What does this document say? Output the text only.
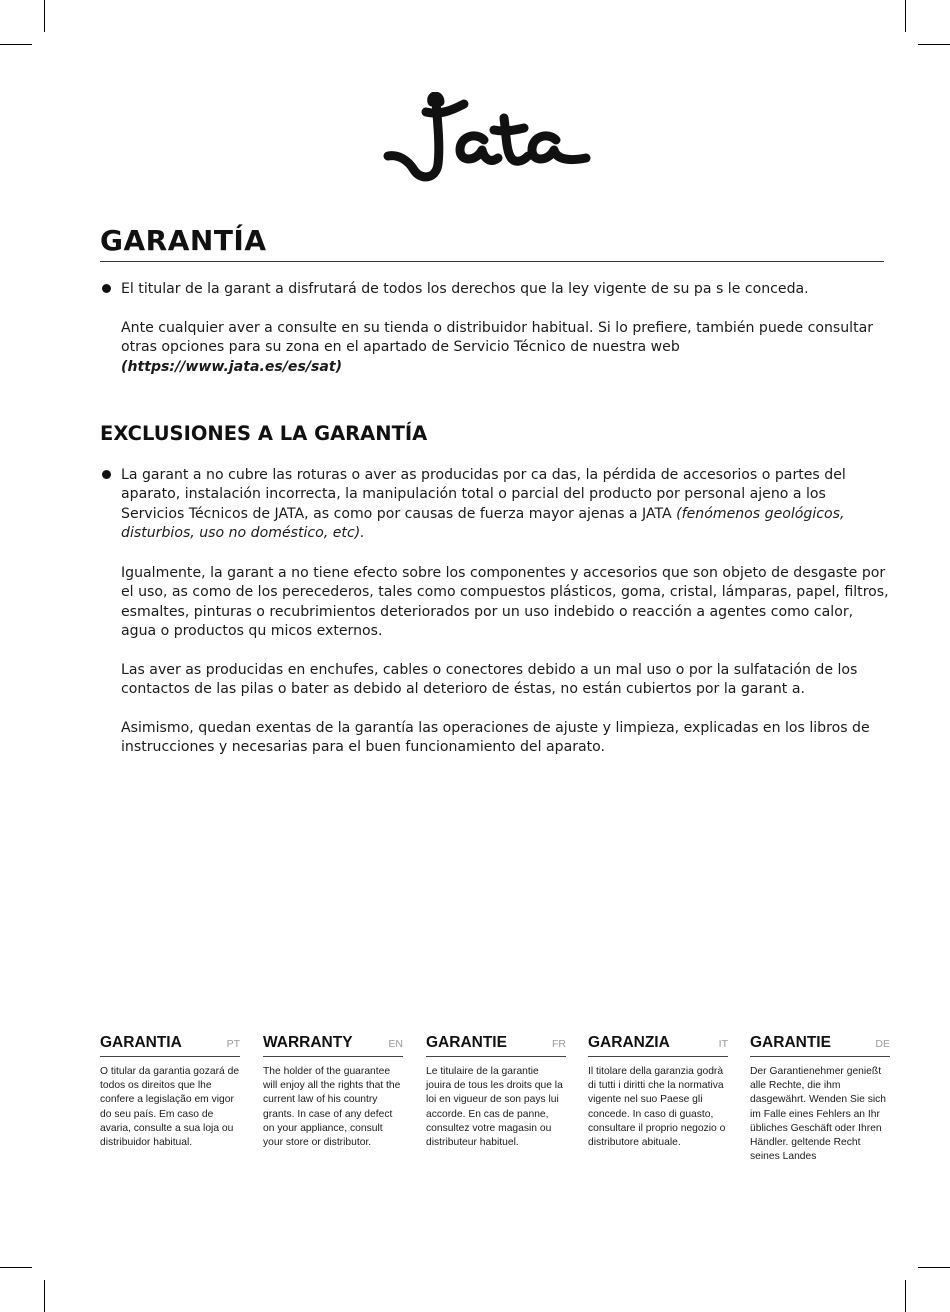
GARANTÍA

El titular de la garant a disfrutará de todos los derechos que la ley vigente de su pa s le conceda.

Ante cualquier aver a consulte en su tienda o distribuidor habitual. Si lo prefiere, también puede consultar otras opciones para su zona en el apartado de Servicio Técnico de nuestra web (https://www.jata.es/es/sat)

EXCLUSIONES A LA GARANTÍA

La garant a no cubre las roturas o aver as producidas por ca das, la pérdida de accesorios o partes del aparato, instalación incorrecta, la manipulación total o parcial del producto por personal ajeno a los Servicios Técnicos de JATA, as como por causas de fuerza mayor ajenas a JATA (fenómenos geológicos, disturbios, uso no doméstico, etc).

Igualmente, la garant a no tiene efecto sobre los componentes y accesorios que son objeto de desgaste por el uso, as como de los perecederos, tales como compuestos plásticos, goma, cristal, lámparas, papel, filtros, esmaltes, pinturas o recubrimientos deteriorados por un uso indebido o reacción a agentes como calor, agua o productos qu micos externos.

Las aver as producidas en enchufes, cables o conectores debido a un mal uso o por la sulfatación de los contactos de las pilas o bater as debido al deterioro de éstas, no están cubiertos por la garant a.

Asimismo, quedan exentas de la garantía las operaciones de ajuste y limpieza, explicadas en los libros de instrucciones y necesarias para el buen funcionamiento del aparato.

GARANTIA	PT

O titular da garantia gozará de todos os direitos que lhe confere a legislação em vigor do seu país. Em caso de avaria, consulte a sua loja ou distribuidor habitual.

WARRANTY	EN

The holder of the guarantee will enjoy all the rights that the current law of his country grants. In case of any defect on your appliance, consult your store or distributor.

GARANTIE	FR

Le titulaire de la garantie jouira de tous les droits que la loi en vigueur de son pays lui accorde. En cas de panne, consultez votre magasin ou distributeur habituel.

GARANZIA	IT

Il titolare della garanzia godrà di tutti i diritti che la normativa vigente nel suo Paese gli concede. In caso di guasto, consultare il proprio negozio o distributore abituale.

GARANTIE	DE

Der Garantienehmer genießt alle Rechte, die ihm dasgewährt. Wenden Sie sich im Falle eines Fehlers an Ihr übliches Geschäft oder Ihren Händler. geltende Recht seines Landes
